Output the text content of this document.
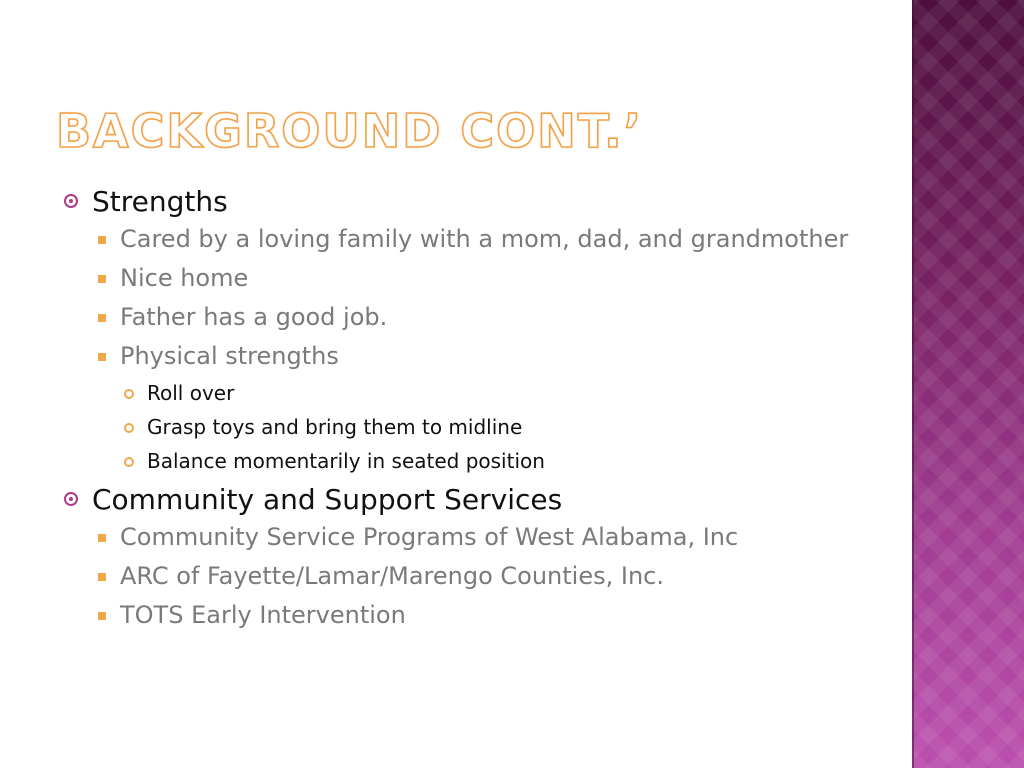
BACKGROUND CONT.’
Strengths
Cared by a loving family with a mom, dad, and grandmother
Nice home
Father has a good job.
Physical strengths
Roll over
Grasp toys and bring them to midline
Balance momentarily in seated position
Community and Support Services
Community Service Programs of West Alabama, Inc
ARC of Fayette/Lamar/Marengo Counties, Inc.
TOTS Early Intervention
